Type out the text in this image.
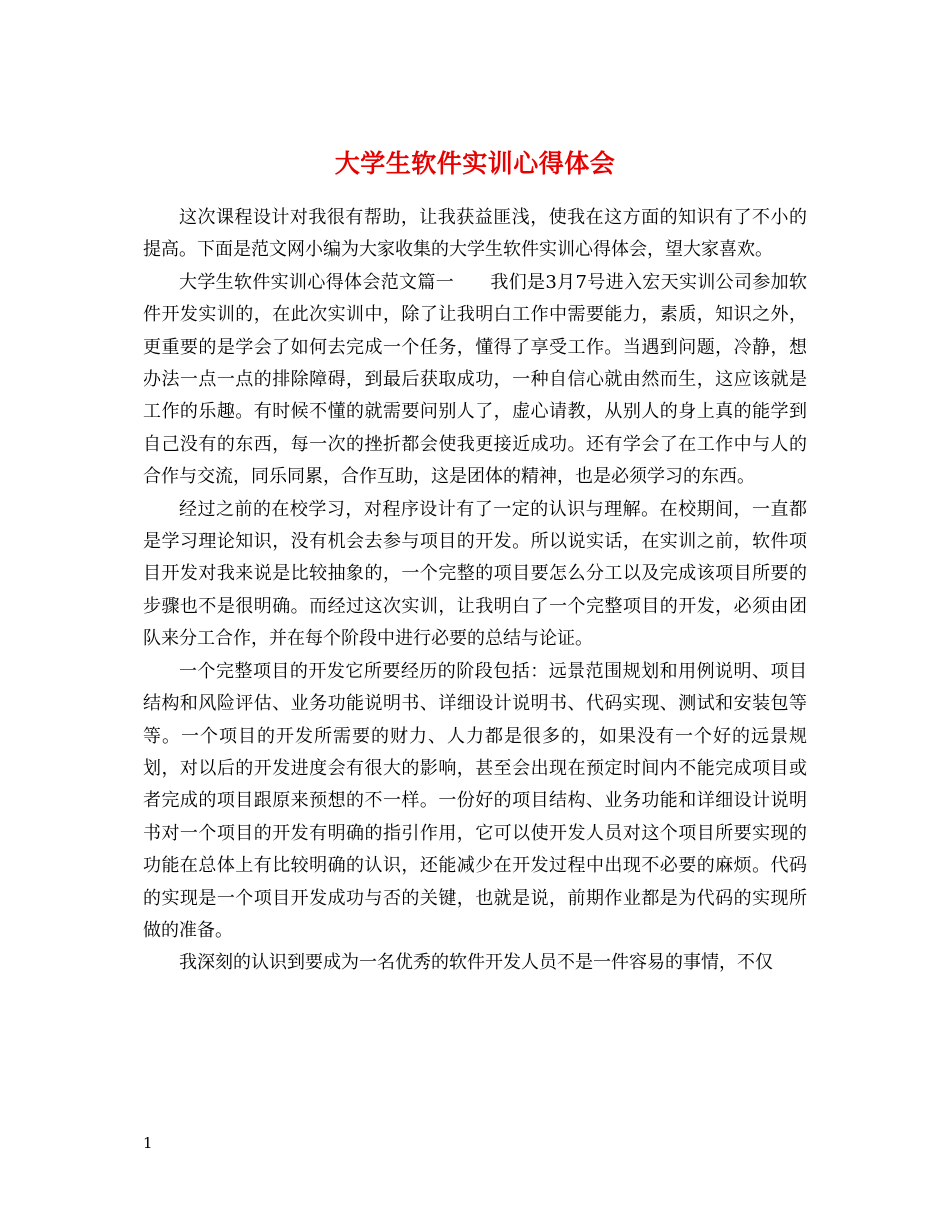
大学生软件实训心得体会

这次课程设计对我很有帮助，让我获益匪浅，使我在这方面的知识有了不小的提高。下面是范文网小编为大家收集的大学生软件实训心得体会，望大家喜欢。

大学生软件实训心得体会范文篇一 我们是3月7号进入宏天实训公司参加软件开发实训的，在此次实训中，除了让我明白工作中需要能力，素质，知识之外，更重要的是学会了如何去完成一个任务，懂得了享受工作。当遇到问题，冷静，想办法一点一点的排除障碍，到最后获取成功，一种自信心就由然而生，这应该就是工作的乐趣。有时候不懂的就需要问别人了，虚心请教，从别人的身上真的能学到自己没有的东西，每一次的挫折都会使我更接近成功。还有学会了在工作中与人的合作与交流，同乐同累，合作互助，这是团体的精神，也是必须学习的东西。

经过之前的在校学习，对程序设计有了一定的认识与理解。在校期间，一直都是学习理论知识，没有机会去参与项目的开发。所以说实话，在实训之前，软件项目开发对我来说是比较抽象的，一个完整的项目要怎么分工以及完成该项目所要的步骤也不是很明确。而经过这次实训，让我明白了一个完整项目的开发，必须由团队来分工合作，并在每个阶段中进行必要的总结与论证。

一个完整项目的开发它所要经历的阶段包括：远景范围规划和用例说明、项目结构和风险评估、业务功能说明书、详细设计说明书、代码实现、测试和安装包等等。一个项目的开发所需要的财力、人力都是很多的，如果没有一个好的远景规划，对以后的开发进度会有很大的影响，甚至会出现在预定时间内不能完成项目或者完成的项目跟原来预想的不一样。一份好的项目结构、业务功能和详细设计说明书对一个项目的开发有明确的指引作用，它可以使开发人员对这个项目所要实现的功能在总体上有比较明确的认识，还能减少在开发过程中出现不必要的麻烦。代码的实现是一个项目开发成功与否的关键，也就是说，前期作业都是为代码的实现所做的准备。

我深刻的认识到要成为一名优秀的软件开发人员不是一件容易的事情，不仅

1
